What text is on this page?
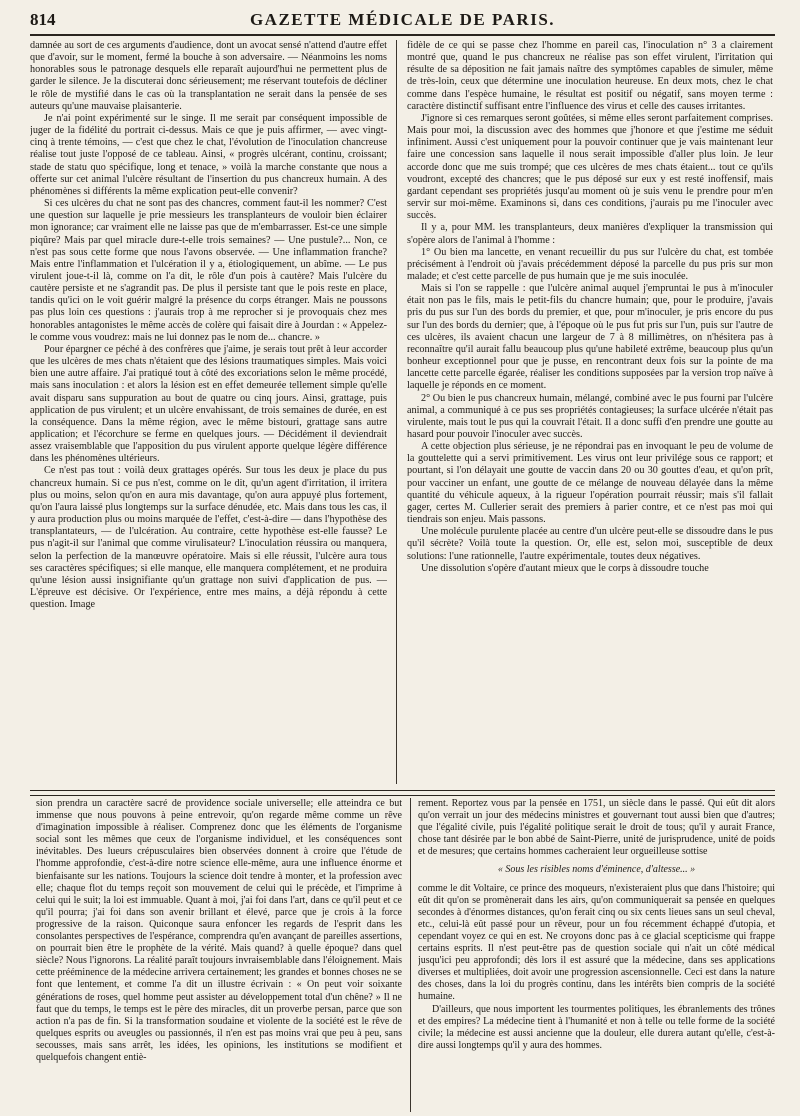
814	GAZETTE MÉDICALE DE PARIS.

damnée au sort de ces arguments d'audience, dont un avocat sensé n'attend d'autre effet que d'avoir, sur le moment, fermé la bouche à son adversaire. — Néanmoins les noms honorables sous le patronage desquels elle reparaît aujourd'hui ne permettent plus de garder le silence. Je la discuterai donc sérieusement; me réservant toutefois de décliner le rôle de mystifié dans le cas où la transplantation ne serait dans la pensée de ses auteurs qu'une mauvaise plaisanterie.

Je n'ai point expérimenté sur le singe. Il me serait par conséquent impossible de juger de la fidélité du portrait ci-dessus. Mais ce que je puis affirmer, — avec vingt-cinq à trente témoins, — c'est que chez le chat, l'évolution de l'inoculation chancreuse réalise tout juste l'opposé de ce tableau. Ainsi, « progrès ulcérant, continu, croissant; stade de statu quo spécifique, long et tenace, » voilà la marche constante que nous a offerte sur cet animal l'ulcère résultant de l'insertion du pus chancreux humain. A des phénomènes si différents la même explication peut-elle convenir?

Si ces ulcères du chat ne sont pas des chancres, comment faut-il les nommer? C'est une question sur laquelle je prie messieurs les transplanteurs de vouloir bien éclairer mon ignorance; car vraiment elle ne laisse pas que de m'embarrasser. Est-ce une simple piqûre? Mais par quel miracle dure-t-elle trois semaines? — Une pustule?... Non, ce n'est pas sous cette forme que nous l'avons observée. — Une inflammation franche? Mais entre l'inflammation et l'ulcération il y a, étiologiquement, un abîme. — Le pus virulent joue-t-il là, comme on l'a dit, le rôle d'un pois à cautère? Mais l'ulcère du cautère persiste et ne s'agrandit pas. De plus il persiste tant que le pois reste en place, tandis qu'ici on le voit guérir malgré la présence du corps étranger. Mais ne poussons pas plus loin ces questions : j'aurais trop à me reprocher si je provoquais chez mes honorables antagonistes le même accès de colère qui faisait dire à Jourdan : « Appelez-le comme vous voudrez: mais ne lui donnez pas le nom de... chancre. »

Pour épargner ce péché à des confrères que j'aime, je serais tout prêt à leur accorder que les ulcères de mes chats n'étaient que des lésions traumatiques simples. Mais voici bien une autre affaire. J'ai pratiqué tout à côté des excoriations selon le même procédé, mais sans inoculation : et alors la lésion est en effet demeurée tellement simple qu'elle avait disparu sans suppuration au bout de quatre ou cinq jours. Ainsi, grattage, puis application de pus virulent; et un ulcère envahissant, de trois semaines de durée, en est la conséquence. Dans la même région, avec le même bistouri, grattage sans autre application; et l'écorchure se ferme en quelques jours. — Décidément il deviendrait assez vraisemblable que l'apposition du pus virulent apporte quelque légère différence dans les phénomènes ultérieurs.

Ce n'est pas tout : voilà deux grattages opérés. Sur tous les deux je place du pus chancreux humain. Si ce pus n'est, comme on le dit, qu'un agent d'irritation, il irritera plus ou moins, selon qu'on en aura mis davantage, qu'on aura appuyé plus fortement, qu'on l'aura laissé plus longtemps sur la surface dénudée, etc. Mais dans tous les cas, il y aura production plus ou moins marquée de l'effet, c'est-à-dire — dans l'hypothèse des transplantateurs, — de l'ulcération. Au contraire, cette hypothèse est-elle fausse? Le pus n'agit-il sur l'animal que comme virulisateur? L'inoculation réussira ou manquera, selon la perfection de la manœuvre opératoire. Mais si elle réussit, l'ulcère aura tous ses caractères spécifiques; si elle manque, elle manquera complétement, et ne produira qu'une lésion aussi insignifiante qu'un grattage non suivi d'application de pus. — L'épreuve est décisive. Or l'expérience, entre mes mains, a déjà répondu à cette question. Image

fidèle de ce qui se passe chez l'homme en pareil cas, l'inoculation n° 3 a clairement montré que, quand le pus chancreux ne réalise pas son effet virulent, l'irritation qui résulte de sa déposition ne fait jamais naître des symptômes capables de simuler, même de très-loin, ceux que détermine une inoculation heureuse. En deux mots, chez le chat comme dans l'espèce humaine, le résultat est positif ou négatif, sans moyen terme : caractère distinctif suffisant entre l'influence des virus et celle des causes irritantes.

J'ignore si ces remarques seront goûtées, si même elles seront parfaitement comprises. Mais pour moi, la discussion avec des hommes que j'honore et que j'estime me séduit infiniment. Aussi c'est uniquement pour la pouvoir continuer que je vais maintenant leur faire une concession sans laquelle il nous serait impossible d'aller plus loin. Je leur accorde donc que me suis trompé; que ces ulcères de mes chats étaient... tout ce qu'ils voudront, excepté des chancres; que le pus déposé sur eux y est resté inoffensif, mais gardant cependant ses propriétés jusqu'au moment où je suis venu le prendre pour m'en servir sur moi-même. Examinons si, dans ces conditions, j'aurais pu me l'inoculer avec succès.

Il y a, pour MM. les transplanteurs, deux manières d'expliquer la transmission qui s'opère alors de l'animal à l'homme :

1° Ou bien ma lancette, en venant recueillir du pus sur l'ulcère du chat, est tombée précisément à l'endroit où j'avais précédemment déposé la parcelle du pus pris sur mon malade; et c'est cette parcelle de pus humain que je me suis inoculée.

Mais si l'on se rappelle : que l'ulcère animal auquel j'empruntai le pus à m'inoculer était non pas le fils, mais le petit-fils du chancre humain; que, pour le produire, j'avais pris du pus sur l'un des bords du premier, et que, pour m'inoculer, je pris encore du pus sur l'un des bords du dernier; que, à l'époque où le pus fut pris sur l'un, puis sur l'autre de ces ulcères, ils avaient chacun une largeur de 7 à 8 millimètres, on n'hésitera pas à reconnaître qu'il aurait fallu beaucoup plus qu'une habileté extrême, beaucoup plus qu'un bonheur exceptionnel pour que je pusse, en rencontrant deux fois sur la pointe de ma lancette cette parcelle égarée, réaliser les conditions supposées par la version trop naïve à laquelle je réponds en ce moment.

2° Ou bien le pus chancreux humain, mélangé, combiné avec le pus fourni par l'ulcère animal, a communiqué à ce pus ses propriétés contagieuses; la surface ulcérée n'était pas virulente, mais tout le pus qui la couvrait l'était. Il a donc suffi d'en prendre une goutte au hasard pour pouvoir l'inoculer avec succès.

A cette objection plus sérieuse, je ne répondrai pas en invoquant le peu de volume de la gouttelette qui a servi primitivement. Les virus ont leur privilége sous ce rapport; et pourtant, si l'on délayait une goutte de vaccin dans 20 ou 30 gouttes d'eau, et qu'on prît, pour vacciner un enfant, une goutte de ce mélange de nouveau délayée dans la même quantité du véhicule aqueux, à la rigueur l'opération pourrait réussir; mais s'il fallait gager, certes M. Cullerier serait des premiers à parier contre, et ce n'est pas moi qui tiendrais son enjeu. Mais passons.

Une molécule purulente placée au centre d'un ulcère peut-elle se dissoudre dans le pus qu'il sécrète? Voilà toute la question. Or, elle est, selon moi, susceptible de deux solutions: l'une rationnelle, l'autre expérimentale, toutes deux négatives.

Une dissolution s'opère d'autant mieux que le corps à dissoudre touche

sion prendra un caractère sacré de providence sociale universelle; elle atteindra ce but immense que nous pouvons à peine entrevoir, qu'on regarde même comme un rêve d'imagination impossible à réaliser. Comprenez donc que les éléments de l'organisme social sont les mêmes que ceux de l'organisme individuel, et les conséquences sont inévitables. Des lueurs crépusculaires bien observées donnent à croire que l'étude de l'homme approfondie, c'est-à-dire notre science elle-même, aura une influence énorme et bienfaisante sur les nations. Toujours la science doit tendre à monter, et la profession avec elle; chaque flot du temps reçoit son mouvement de celui qui le précède, et l'imprime à celui qui le suit; la loi est immuable. Quant à moi, j'ai foi dans l'art, dans ce qu'il peut et ce qu'il pourra; j'ai foi dans son avenir brillant et élevé, parce que je crois à la force progressive de la raison. Quiconque saura enfoncer les regards de l'esprit dans les consolantes perspectives de l'espérance, comprendra qu'en avançant de pareilles assertions, on pourrait bien être le prophète de la vérité. Mais quand? à quelle époque? dans quel siècle? Nous l'ignorons. La réalité paraît toujours invraisemblable dans l'éloignement. Mais cette prééminence de la médecine arrivera certainement; les grandes et bonnes choses ne se font que lentement, et comme l'a dit un illustre écrivain : « On peut voir soixante générations de roses, quel homme peut assister au développement total d'un chêne? » Il ne faut que du temps, le temps est le père des miracles, dit un proverbe persan, parce que son action n'a pas de fin. Si la transformation soudaine et violente de la société est le rêve de quelques esprits ou aveugles ou passionnés, il n'en est pas moins vrai que peu à peu, sans secousses, mais sans arrêt, les idées, les opinions, les institutions se modifient et quelquefois changent entiè-

rement. Reportez vous par la pensée en 1751, un siècle dans le passé. Qui eût dit alors qu'on verrait un jour des médecins ministres et gouvernant tout aussi bien que d'autres; que l'égalité civile, puis l'égalité politique serait le droit de tous; qu'il y aurait France, chose tant désirée par le bon abbé de Saint-Pierre, unité de jurisprudence, unité de poids et de mesures; que certains hommes cacheraient leur orgueilleuse sottise

« Sous les risibles noms d'éminence, d'altesse... »

comme le dit Voltaire, ce prince des moqueurs, n'existeraient plus que dans l'histoire; qui eût dit qu'on se promènerait dans les airs, qu'on communiquerait sa pensée en quelques secondes à d'énormes distances, qu'on ferait cinq ou six cents lieues sans un seul cheval, etc., celui-là eût passé pour un rêveur, pour un fou récemment échappé d'utopia, et cependant voyez ce qui en est. Ne croyons donc pas à ce glacial scepticisme qui frappe certains esprits. Il n'est peut-être pas de question sociale qui n'ait un côté médical jusqu'ici peu approfondi; dès lors il est assuré que la médecine, dans ses applications diverses et multipliées, doit avoir une progression ascensionnelle. Ceci est dans la nature des choses, dans la loi du progrès continu, dans les intérêts bien compris de la société humaine.

D'ailleurs, que nous importent les tourmentes politiques, les ébranlements des trônes et des empires? La médecine tient à l'humanité et non à telle ou telle forme de la société civile; la médecine est aussi ancienne que la douleur, elle durera autant qu'elle, c'est-à-dire aussi longtemps qu'il y aura des hommes.
